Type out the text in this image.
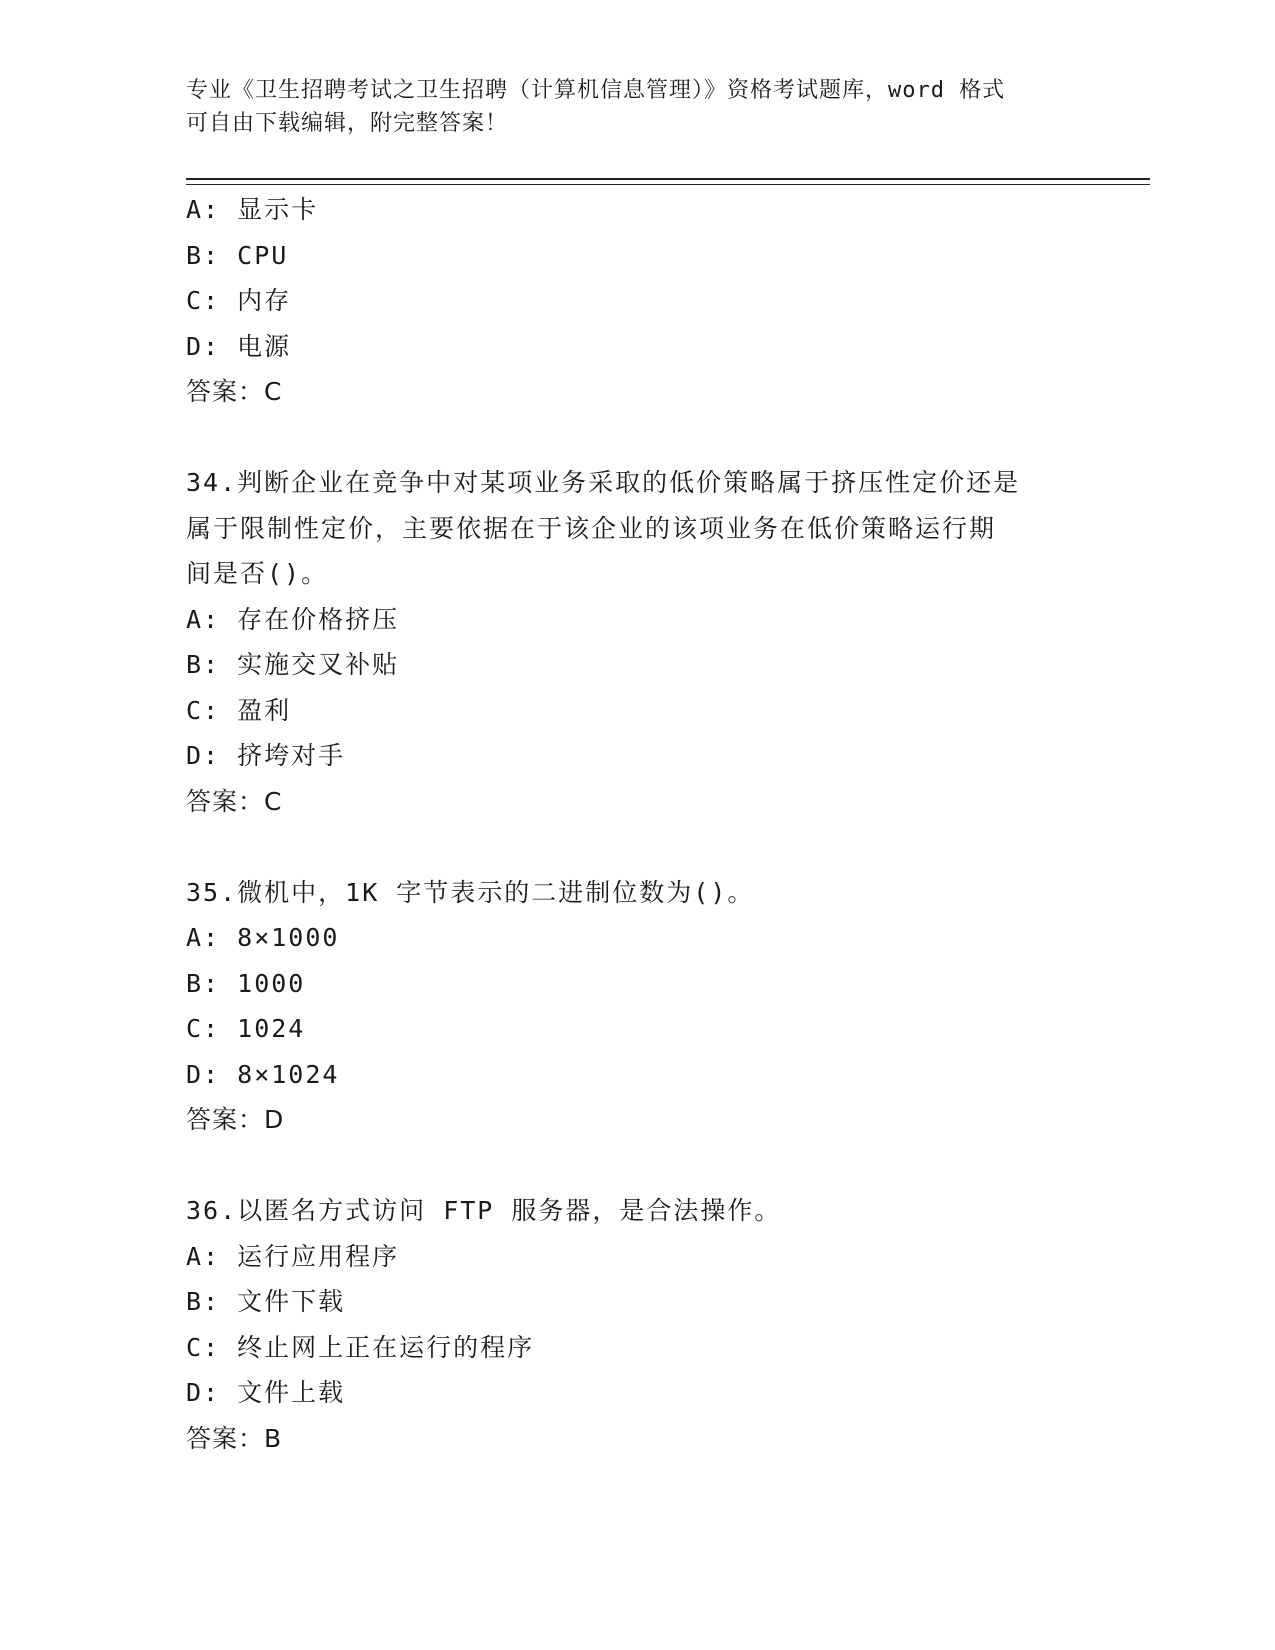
专业《卫生招聘考试之卫生招聘（计算机信息管理）》资格考试题库，word 格式

可自由下载编辑，附完整答案！

A: 显示卡
B: CPU
C: 内存
D: 电源
答案：C
34.判断企业在竞争中对某项业务采取的低价策略属于挤压性定价还是
属于限制性定价，主要依据在于该企业的该项业务在低价策略运行期
间是否()。
A: 存在价格挤压
B: 实施交叉补贴
C: 盈利
D: 挤垮对手
答案：C
35.微机中，1K 字节表示的二进制位数为()。
A: 8×1000
B: 1000
C: 1024
D: 8×1024
答案：D
36.以匿名方式访问 FTP 服务器，是合法操作。
A: 运行应用程序
B: 文件下载
C: 终止网上正在运行的程序
D: 文件上载
答案：B
